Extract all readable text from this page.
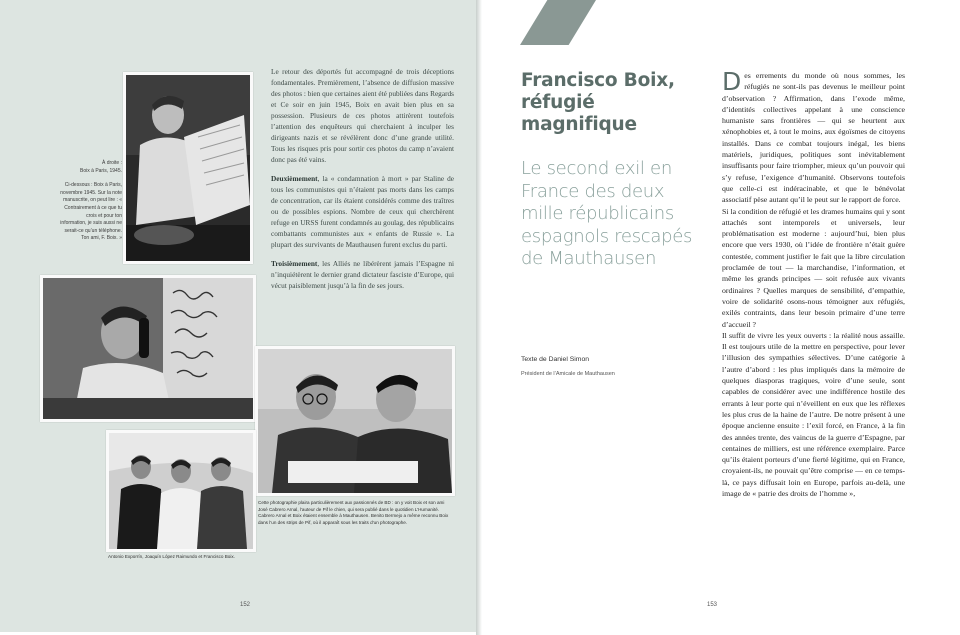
À droite :
Boix à Paris, 1945.

Ci-dessous : Boix à Paris, novembre 1945. Sur la note manuscrite, on peut lire : « Contrairement à ce que tu crois et pour ton information, je suis aussi ne serait-ce qu’un téléphone. Ton ami, F. Boix. »

Le retour des déportés fut accompagné de trois déceptions fondamentales. Premièrement, l’absence de diffusion massive des photos : bien que certaines aient été publiées dans Regards et Ce soir en juin 1945, Boix en avait bien plus en sa possession. Plusieurs de ces photos attirèrent toutefois l’attention des enquêteurs qui cherchaient à inculper les dirigeants nazis et se révélèrent donc d’une grande utilité. Tous les risques pris pour sortir ces photos du camp n’avaient donc pas été vains.

Deuxièmement, la « condamnation à mort » par Staline de tous les communistes qui n’étaient pas morts dans les camps de concentration, car ils étaient considérés comme des traîtres ou de possibles espions. Nombre de ceux qui cherchèrent refuge en URSS furent condamnés au goulag, des républicains combattants communistes aux « enfants de Russie ». La plupart des survivants de Mauthausen furent exclus du parti.

Troisièmement, les Alliés ne libérèrent jamais l’Espagne ni n’inquiétèrent le dernier grand dictateur fasciste d’Europe, qui vécut paisiblement jusqu’à la fin de ses jours.

Antonio Exporrín, Joaquín López Raimundo et Francisco Boix.
Cette photographie plaira particulièrement aux passionnés de BD : on y voit Boix et son ami José Cabrero Arnal, l’auteur de Pif le chien, qui sera publié dans le quotidien L’Humanité. Cabrero Arnal et Boix étaient ensemble à Mauthausen. Benito Bermejo a même reconnu Boix dans l’un des strips de Pif, où il apparaît sous les traits d’un photographe.
152
Francisco Boix, réfugié magnifique
Le second exil en France des deux mille républicains espagnols rescapés de Mauthausen
Texte de Daniel Simon
Président de l’Amicale de Mauthausen

Des errements du monde où nous sommes, les réfugiés ne sont-ils pas devenus le meilleur point d’observation ? Affirmation, dans l’exode même, d’identités collectives appelant à une conscience humaniste sans frontières — qui se heurtent aux xénophobies et, à tout le moins, aux égoïsmes de citoyens installés. Dans ce combat toujours inégal, les biens matériels, juridiques, politiques sont inévitablement insuffisants pour faire triompher, mieux qu’un pouvoir qui s’y refuse, l’exigence d’humanité. Observons toutefois que celle-ci est indéracinable, et que le bénévolat associatif pèse autant qu’il le peut sur le rapport de force.

Si la condition de réfugié et les drames humains qui y sont attachés sont intemporels et universels, leur problématisation est moderne : aujourd’hui, bien plus encore que vers 1930, où l’idée de frontière n’était guère contestée, comment justifier le fait que la libre circulation proclamée de tout — la marchandise, l’information, et même les grands principes — soit refusée aux vivants ordinaires ? Quelles marques de sensibilité, d’empathie, voire de solidarité osons-nous témoigner aux réfugiés, exilés contraints, dans leur besoin primaire d’une terre d’accueil ?

Il suffit de vivre les yeux ouverts : la réalité nous assaille. Il est toujours utile de la mettre en perspective, pour lever l’illusion des sympathies sélectives. D’une catégorie à l’autre d’abord : les plus impliqués dans la mémoire de quelques diasporas tragiques, voire d’une seule, sont capables de considérer avec une indifférence hostile des errants à leur porte qui n’éveillent en eux que les réflexes les plus crus de la haine de l’autre. De notre présent à une époque ancienne ensuite : l’exil forcé, en France, à la fin des années trente, des vaincus de la guerre d’Espagne, par centaines de milliers, est une référence exemplaire. Parce qu’ils étaient porteurs d’une fierté légitime, qui en France, croyaient-ils, ne pouvait qu’être comprise — en ce temps-là, ce pays diffusait loin en Europe, parfois au-delà, une image de « patrie des droits de l’homme »,

153
